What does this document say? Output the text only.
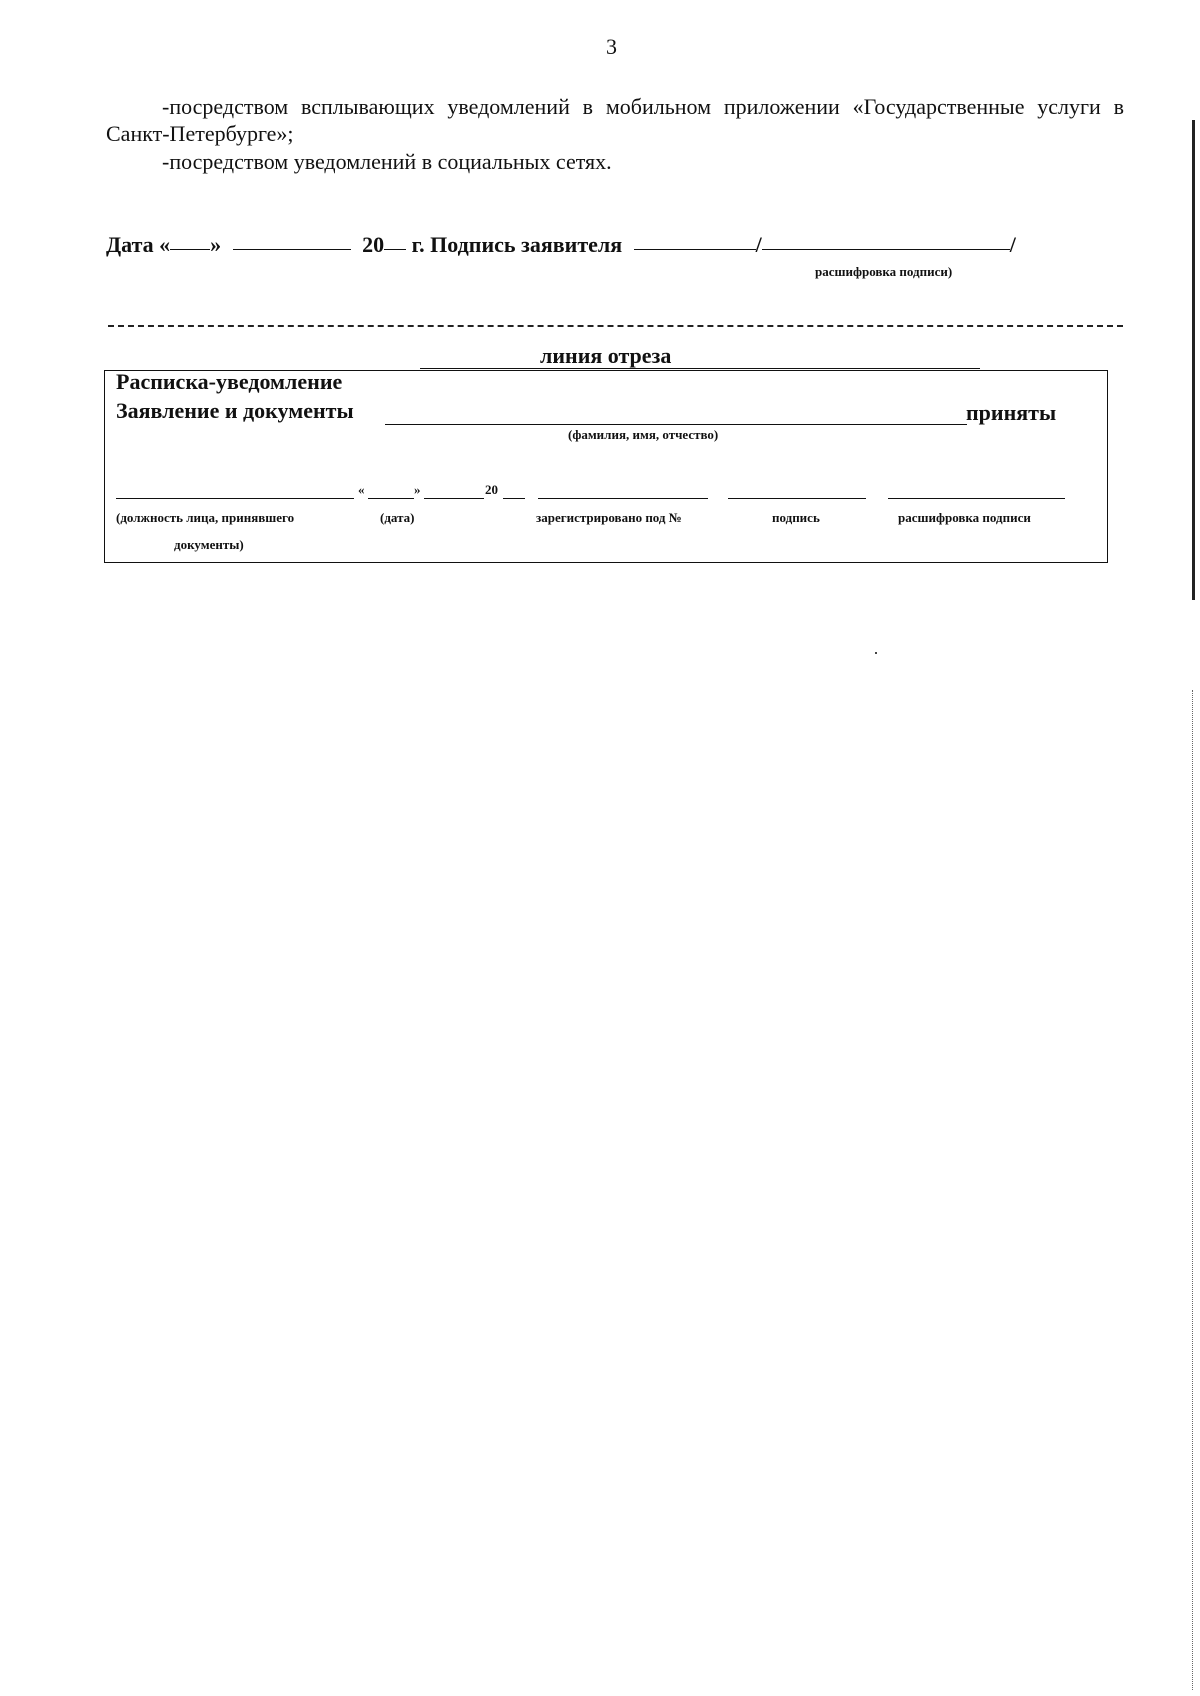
3
-посредством всплывающих уведомлений в мобильном приложении «Государственные услуги в Санкт-Петербурге»;
-посредством уведомлений в социальных сетях.
Дата « »	20 г. Подпись заявителя	/	/
расшифровка подписи)
линия отреза
Расписка-уведомление
Заявление и документы	приняты
(фамилия, имя, отчество)
«	»	20
(должность лица, принявшего
документы)
(дата)	зарегистрировано под №	подпись	расшифровка подписи
